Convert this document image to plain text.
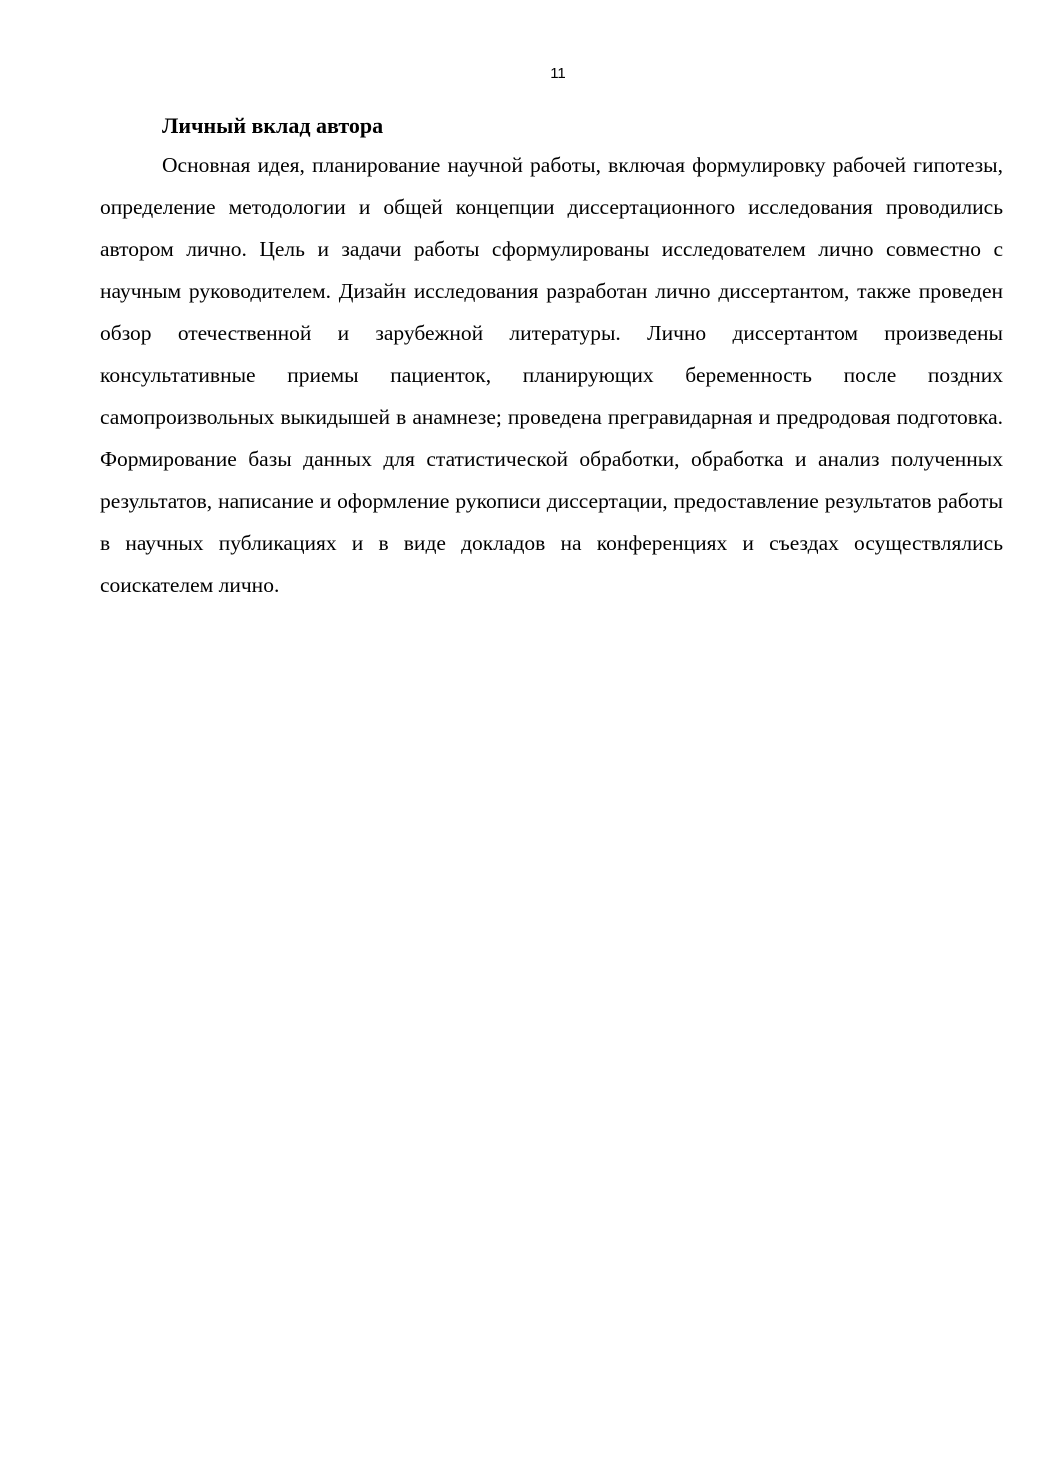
11
Личный вклад автора

Основная идея, планирование научной работы, включая формулировку рабочей гипотезы, определение методологии и общей концепции диссертационного исследования проводились автором лично. Цель и задачи работы сформулированы исследователем лично совместно с научным руководителем. Дизайн исследования разработан лично диссертантом, также проведен обзор отечественной и зарубежной литературы. Лично диссертантом произведены консультативные приемы пациенток, планирующих беременность после поздних самопроизвольных выкидышей в анамнезе; проведена прегравидарная и предродовая подготовка. Формирование базы данных для статистической обработки, обработка и анализ полученных результатов, написание и оформление рукописи диссертации, предоставление результатов работы в научных публикациях и в виде докладов на конференциях и съездах осуществлялись соискателем лично.
